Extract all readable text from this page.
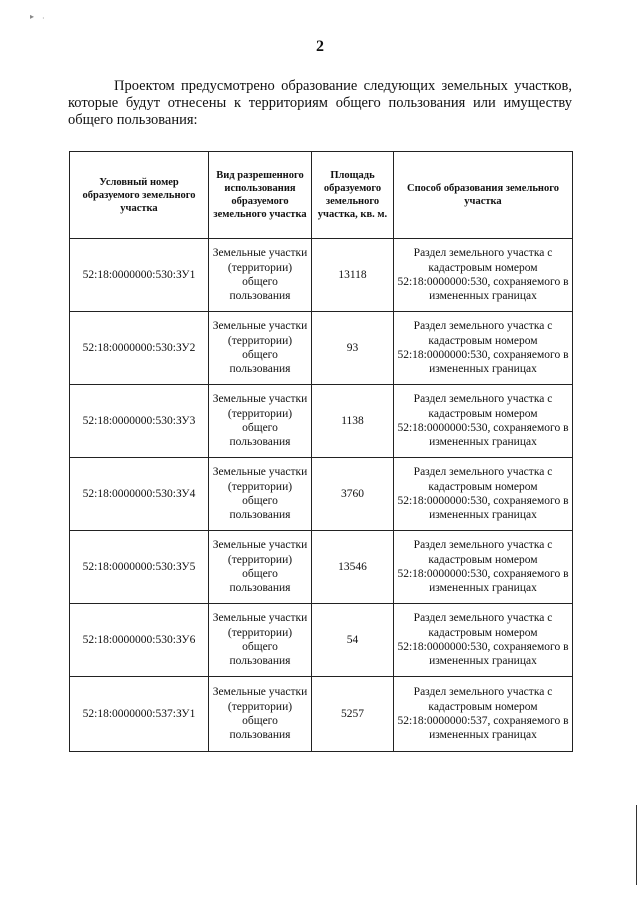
▸ ·
2

Проектом предусмотрено образование следующих земельных участков, которые будут отнесены к территориям общего пользования или имуществу общего пользования:

Условный номер образуемого земельного участка	Вид разрешенного использования образуемого земельного участка	Площадь образуемого земельного участка, кв. м.	Способ образования земельного участка
52:18:0000000:530:ЗУ1	Земельные участки (территории) общего пользования	13118	Раздел земельного участка с кадастровым номером 52:18:0000000:530, сохраняемого в измененных границах
52:18:0000000:530:ЗУ2	Земельные участки (территории) общего пользования	93	Раздел земельного участка с кадастровым номером 52:18:0000000:530, сохраняемого в измененных границах
52:18:0000000:530:ЗУ3	Земельные участки (территории) общего пользования	1138	Раздел земельного участка с кадастровым номером 52:18:0000000:530, сохраняемого в измененных границах
52:18:0000000:530:ЗУ4	Земельные участки (территории) общего пользования	3760	Раздел земельного участка с кадастровым номером 52:18:0000000:530, сохраняемого в измененных границах
52:18:0000000:530:ЗУ5	Земельные участки (территории) общего пользования	13546	Раздел земельного участка с кадастровым номером 52:18:0000000:530, сохраняемого в измененных границах
52:18:0000000:530:ЗУ6	Земельные участки (территории) общего пользования	54	Раздел земельного участка с кадастровым номером 52:18:0000000:530, сохраняемого в измененных границах
52:18:0000000:537:ЗУ1	Земельные участки (территории) общего пользования	5257	Раздел земельного участка с кадастровым номером 52:18:0000000:537, сохраняемого в измененных границах
